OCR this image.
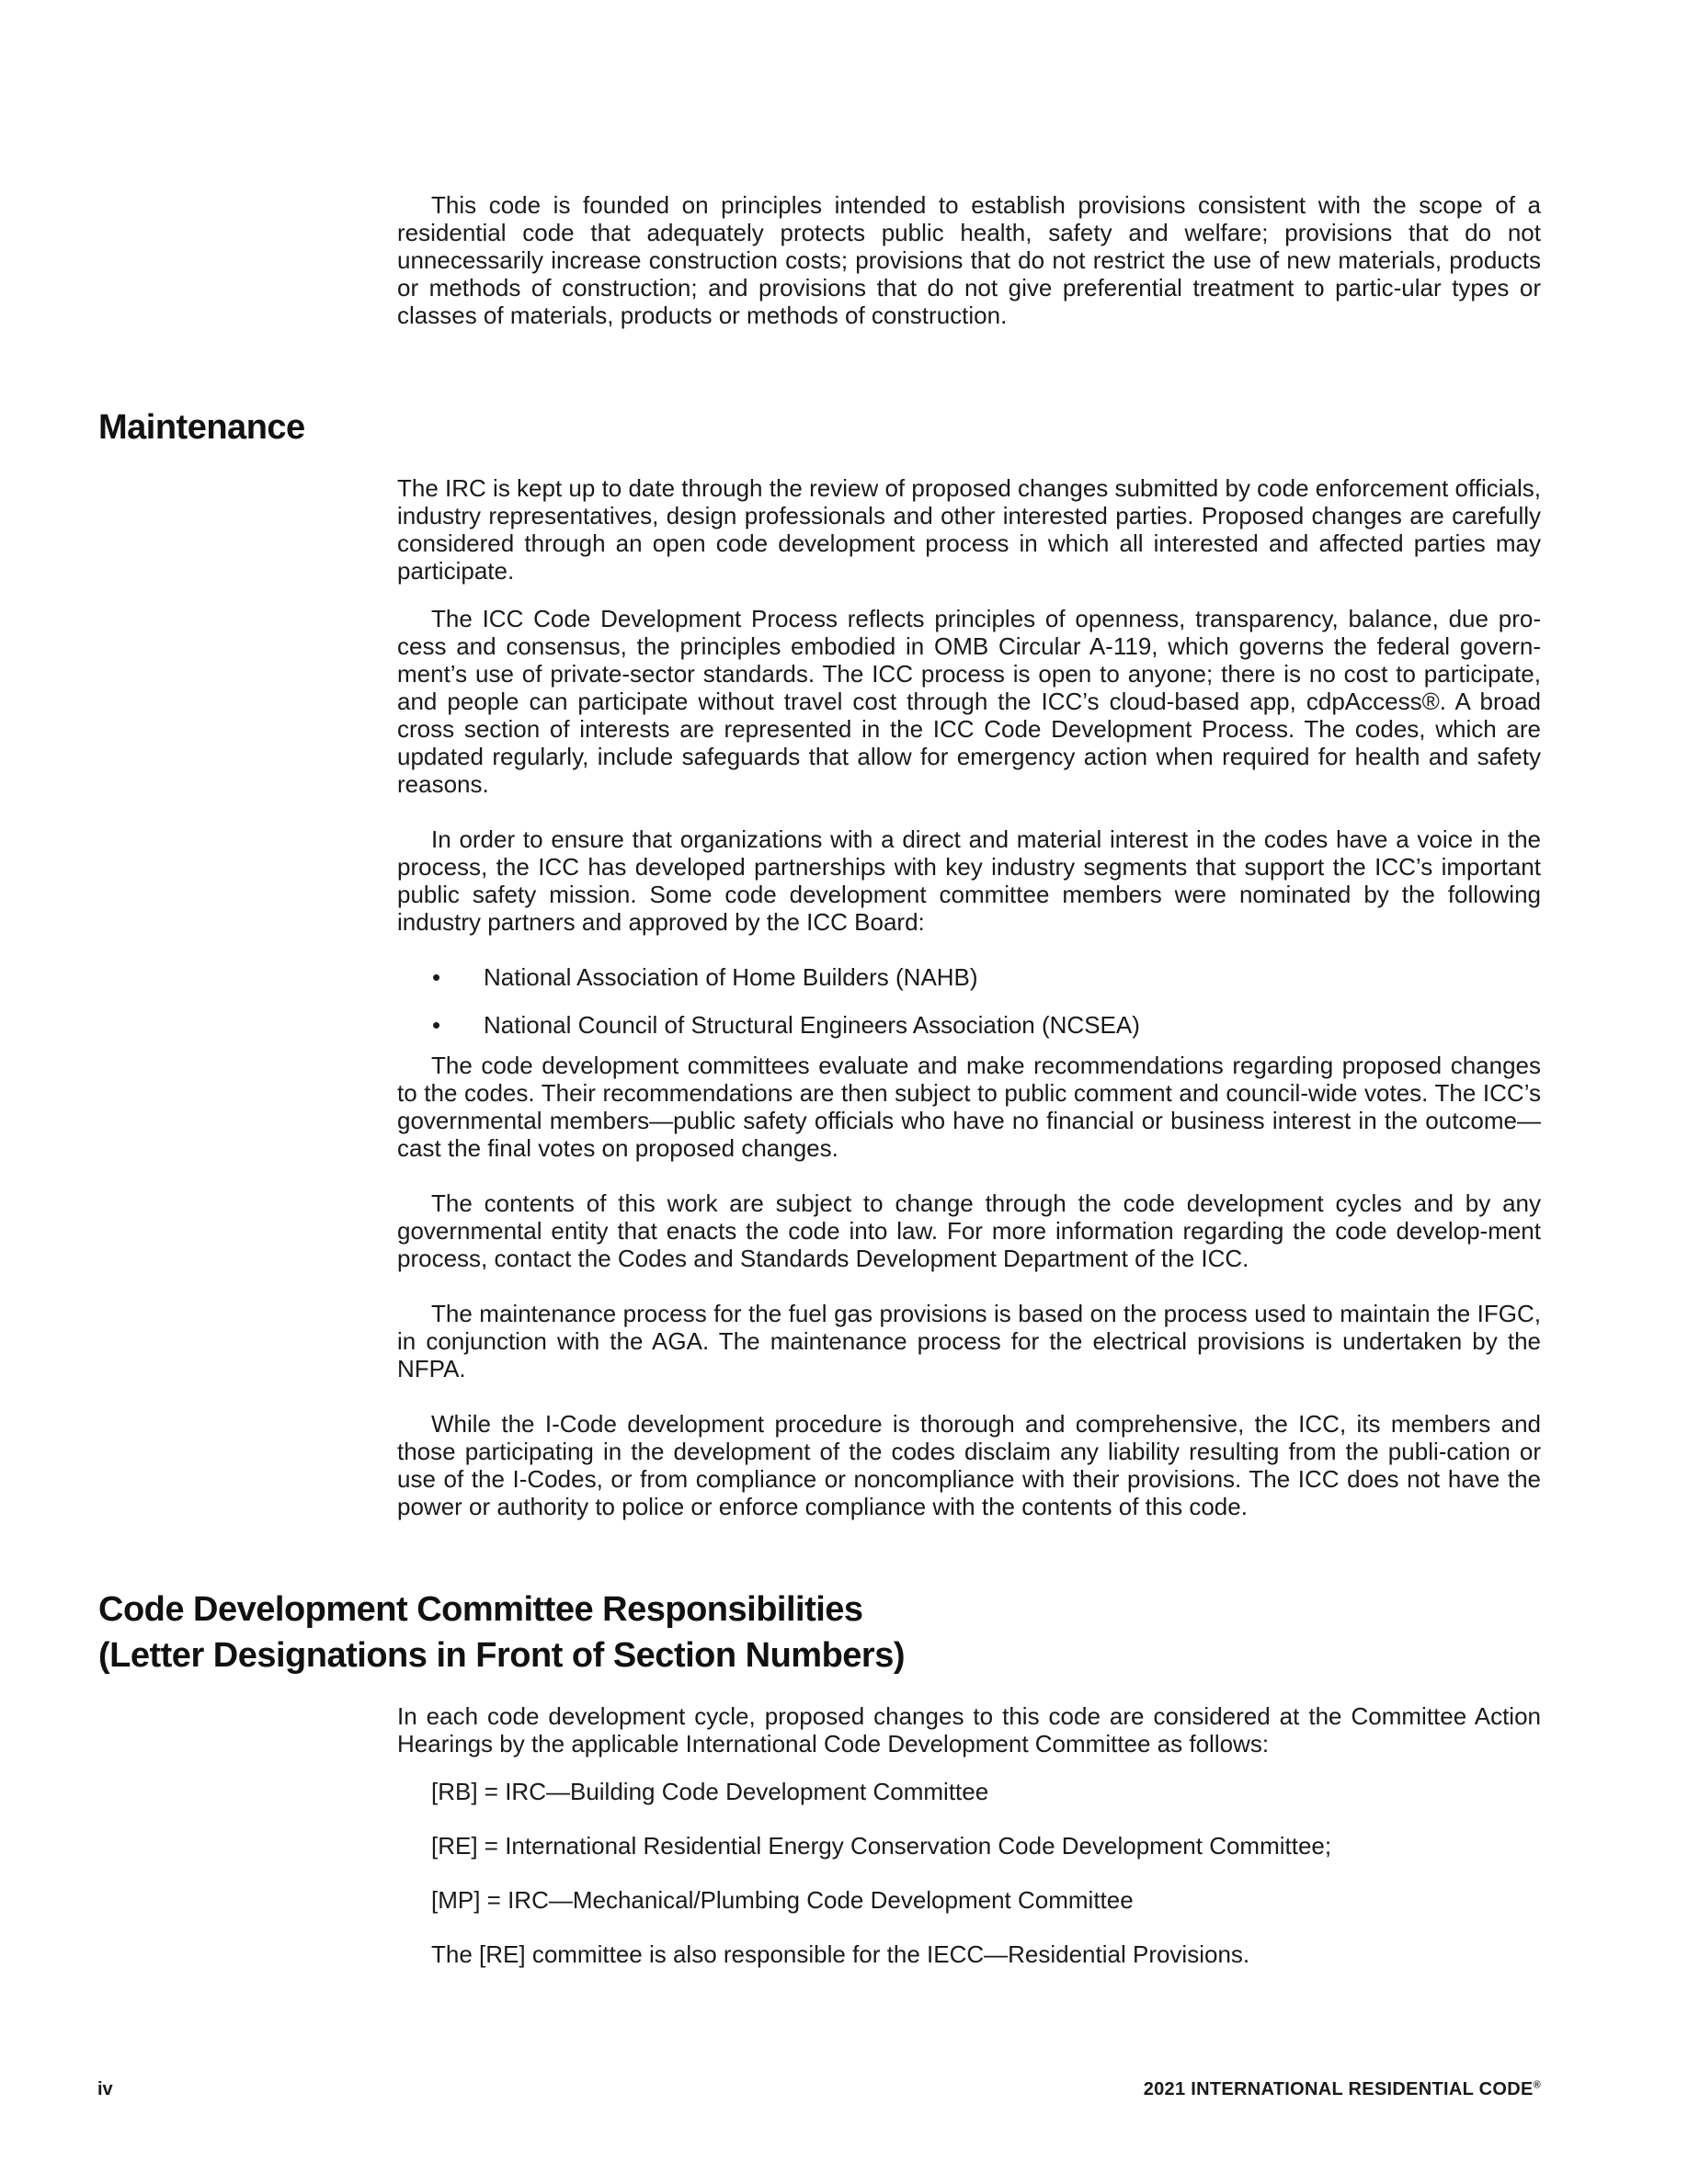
This code is founded on principles intended to establish provisions consistent with the scope of a residential code that adequately protects public health, safety and welfare; provisions that do not unnecessarily increase construction costs; provisions that do not restrict the use of new materials, products or methods of construction; and provisions that do not give preferential treatment to partic-ular types or classes of materials, products or methods of construction.

Maintenance

The IRC is kept up to date through the review of proposed changes submitted by code enforcement officials, industry representatives, design professionals and other interested parties. Proposed changes are carefully considered through an open code development process in which all interested and affected parties may participate.

The ICC Code Development Process reflects principles of openness, transparency, balance, due pro-cess and consensus, the principles embodied in OMB Circular A-119, which governs the federal govern-ment’s use of private-sector standards. The ICC process is open to anyone; there is no cost to participate, and people can participate without travel cost through the ICC’s cloud-based app, cdpAccess®. A broad cross section of interests are represented in the ICC Code Development Process. The codes, which are updated regularly, include safeguards that allow for emergency action when required for health and safety reasons.

In order to ensure that organizations with a direct and material interest in the codes have a voice in the process, the ICC has developed partnerships with key industry segments that support the ICC’s important public safety mission. Some code development committee members were nominated by the following industry partners and approved by the ICC Board:

•	National Association of Home Builders (NAHB)
•	National Council of Structural Engineers Association (NCSEA)

The code development committees evaluate and make recommendations regarding proposed changes to the codes. Their recommendations are then subject to public comment and council-wide votes. The ICC’s governmental members—public safety officials who have no financial or business interest in the outcome—cast the final votes on proposed changes.

The contents of this work are subject to change through the code development cycles and by any governmental entity that enacts the code into law. For more information regarding the code develop-ment process, contact the Codes and Standards Development Department of the ICC.

The maintenance process for the fuel gas provisions is based on the process used to maintain the IFGC, in conjunction with the AGA. The maintenance process for the electrical provisions is undertaken by the NFPA.

While the I-Code development procedure is thorough and comprehensive, the ICC, its members and those participating in the development of the codes disclaim any liability resulting from the publi-cation or use of the I-Codes, or from compliance or noncompliance with their provisions. The ICC does not have the power or authority to police or enforce compliance with the contents of this code.

Code Development Committee Responsibilities
(Letter Designations in Front of Section Numbers)

In each code development cycle, proposed changes to this code are considered at the Committee Action Hearings by the applicable International Code Development Committee as follows:

[RB] = IRC—Building Code Development Committee

[RE] = International Residential Energy Conservation Code Development Committee;

[MP] = IRC—Mechanical/Plumbing Code Development Committee

The [RE] committee is also responsible for the IECC—Residential Provisions.

iv	2021 INTERNATIONAL RESIDENTIAL CODE®
